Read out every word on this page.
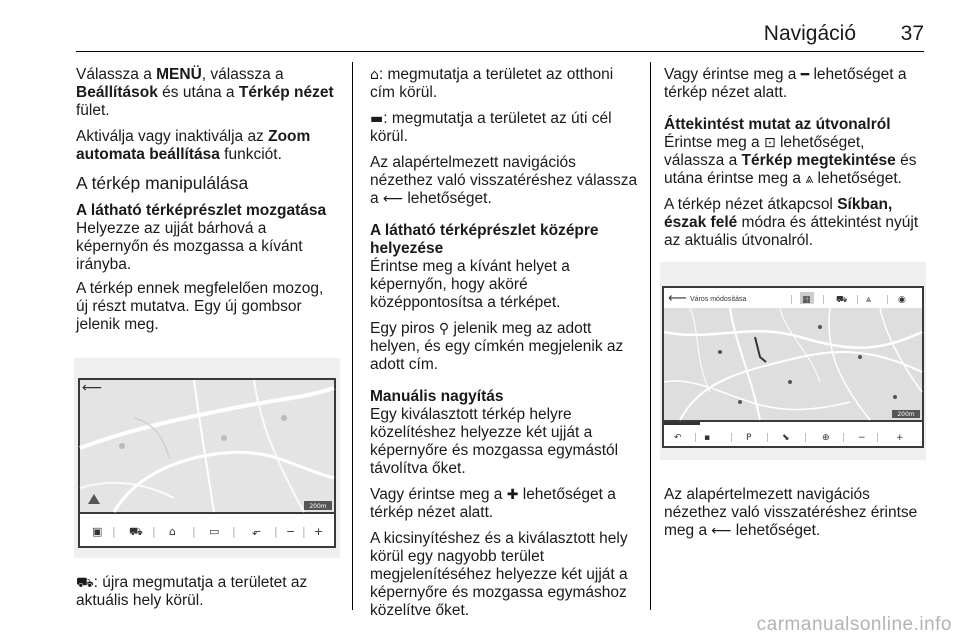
Navigáció 37

Válassza a MENÜ, válassza a Beállítások és utána a Térkép nézet fület.

Aktiválja vagy inaktiválja az Zoom automata beállítása funkciót.

A térkép manipulálása

A látható térképrészlet mozgatása
Helyezze az ujját bárhová a képernyőn és mozgassa a kívánt irányba.

A térkép ennek megfelelően mozog, új részt mutatva. Egy új gombsor jelenik meg.

⟵
200m
▣ ⛟ ⌂	▭	⬐ − +
|	|	|	|	| |

⛟: újra megmutatja a területet az aktuális hely körül.

⌂: megmutatja a területet az otthoni cím körül.

▬: megmutatja a területet az úti cél körül.

Az alapértelmezett navigációs nézethez való visszatéréshez válassza a ⟵ lehetőséget.

A látható térképrészlet középre helyezése
Érintse meg a kívánt helyet a képernyőn, hogy aköré középpontosítsa a térképet.

Egy piros ⚲ jelenik meg az adott helyen, és egy címkén megjelenik az adott cím.

Manuális nagyítás
Egy kiválasztott térkép helyre közelítéshez helyezze két ujját a képernyőre és mozgassa egymástól távolítva őket.

Vagy érintse meg a ✚ lehetőséget a térkép nézet alatt.

A kicsinyítéshez és a kiválasztott hely körül egy nagyobb terület megjelenítéséhez helyezze két ujját a képernyőre és mozgassa egymáshoz közelítve őket.

Vagy érintse meg a ━ lehetőséget a térkép nézet alatt.

Áttekintést mutat az útvonalról
Érintse meg a ⊡ lehetőséget, válassza a Térkép megtekintése és utána érintse meg a ⩓ lehetőséget.

A térkép nézet átkapcsol Síkban, észak felé módra és áttekintést nyújt az aktuális útvonalról.

⟵ Város módosítása	| ▦ | ⛟ | ⩓ | ◉
200m
↶ ▪	P	⬊	⊕	−	+
|	|	|	|	|	|

Az alapértelmezett navigációs nézethez való visszatéréshez érintse meg a ⟵ lehetőséget.

carmanualsonline.info
